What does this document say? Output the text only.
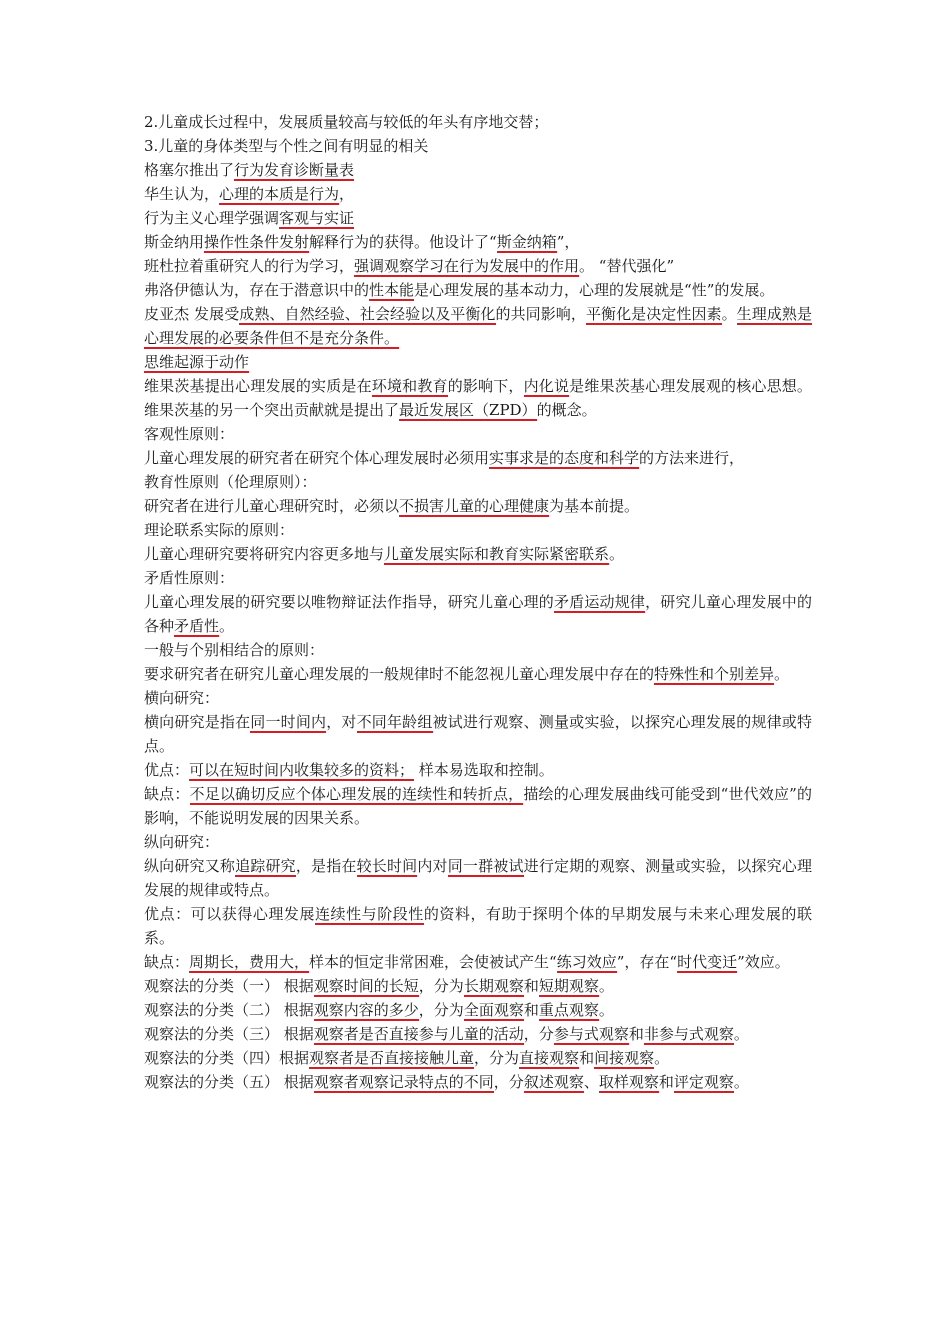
2.儿童成长过程中，发展质量较高与较低的年头有序地交替；

3.儿童的身体类型与个性之间有明显的相关

格塞尔推出了行为发育诊断量表

华生认为，心理的本质是行为，

行为主义心理学强调客观与实证

斯金纳用操作性条件发射解释行为的获得。他设计了“斯金纳箱”，

班杜拉着重研究人的行为学习，强调观察学习在行为发展中的作用。 “替代强化”

弗洛伊德认为，存在于潜意识中的性本能是心理发展的基本动力，心理的发展就是“性”的发展。

皮亚杰 发展受成熟、自然经验、社会经验以及平衡化的共同影响，平衡化是决定性因素。生理成熟是心理发展的必要条件但不是充分条件。

思维起源于动作

维果茨基提出心理发展的实质是在环境和教育的影响下，内化说是维果茨基心理发展观的核心思想。维果茨基的另一个突出贡献就是提出了最近发展区（ZPD）的概念。

客观性原则：

儿童心理发展的研究者在研究个体心理发展时必须用实事求是的态度和科学的方法来进行，

教育性原则（伦理原则）：

研究者在进行儿童心理研究时，必须以不损害儿童的心理健康为基本前提。

理论联系实际的原则：

儿童心理研究要将研究内容更多地与儿童发展实际和教育实际紧密联系。

矛盾性原则：

儿童心理发展的研究要以唯物辩证法作指导，研究儿童心理的矛盾运动规律，研究儿童心理发展中的各种矛盾性。

一般与个别相结合的原则：

要求研究者在研究儿童心理发展的一般规律时不能忽视儿童心理发展中存在的特殊性和个别差异。

横向研究：

横向研究是指在同一时间内，对不同年龄组被试进行观察、测量或实验，以探究心理发展的规律或特点。

优点：可以在短时间内收集较多的资料； 样本易选取和控制。

缺点：不足以确切反应个体心理发展的连续性和转折点，描绘的心理发展曲线可能受到“世代效应”的影响，不能说明发展的因果关系。

纵向研究：

纵向研究又称追踪研究，是指在较长时间内对同一群被试进行定期的观察、测量或实验，以探究心理发展的规律或特点。

优点：可以获得心理发展连续性与阶段性的资料，有助于探明个体的早期发展与未来心理发展的联系。

缺点：周期长，费用大，样本的恒定非常困难，会使被试产生“练习效应”，存在“时代变迁”效应。

观察法的分类（一） 根据观察时间的长短，分为长期观察和短期观察。

观察法的分类（二） 根据观察内容的多少，分为全面观察和重点观察。

观察法的分类（三） 根据观察者是否直接参与儿童的活动，分参与式观察和非参与式观察。

观察法的分类（四）根据观察者是否直接接触儿童，分为直接观察和间接观察。

观察法的分类（五） 根据观察者观察记录特点的不同，分叙述观察、取样观察和评定观察。
